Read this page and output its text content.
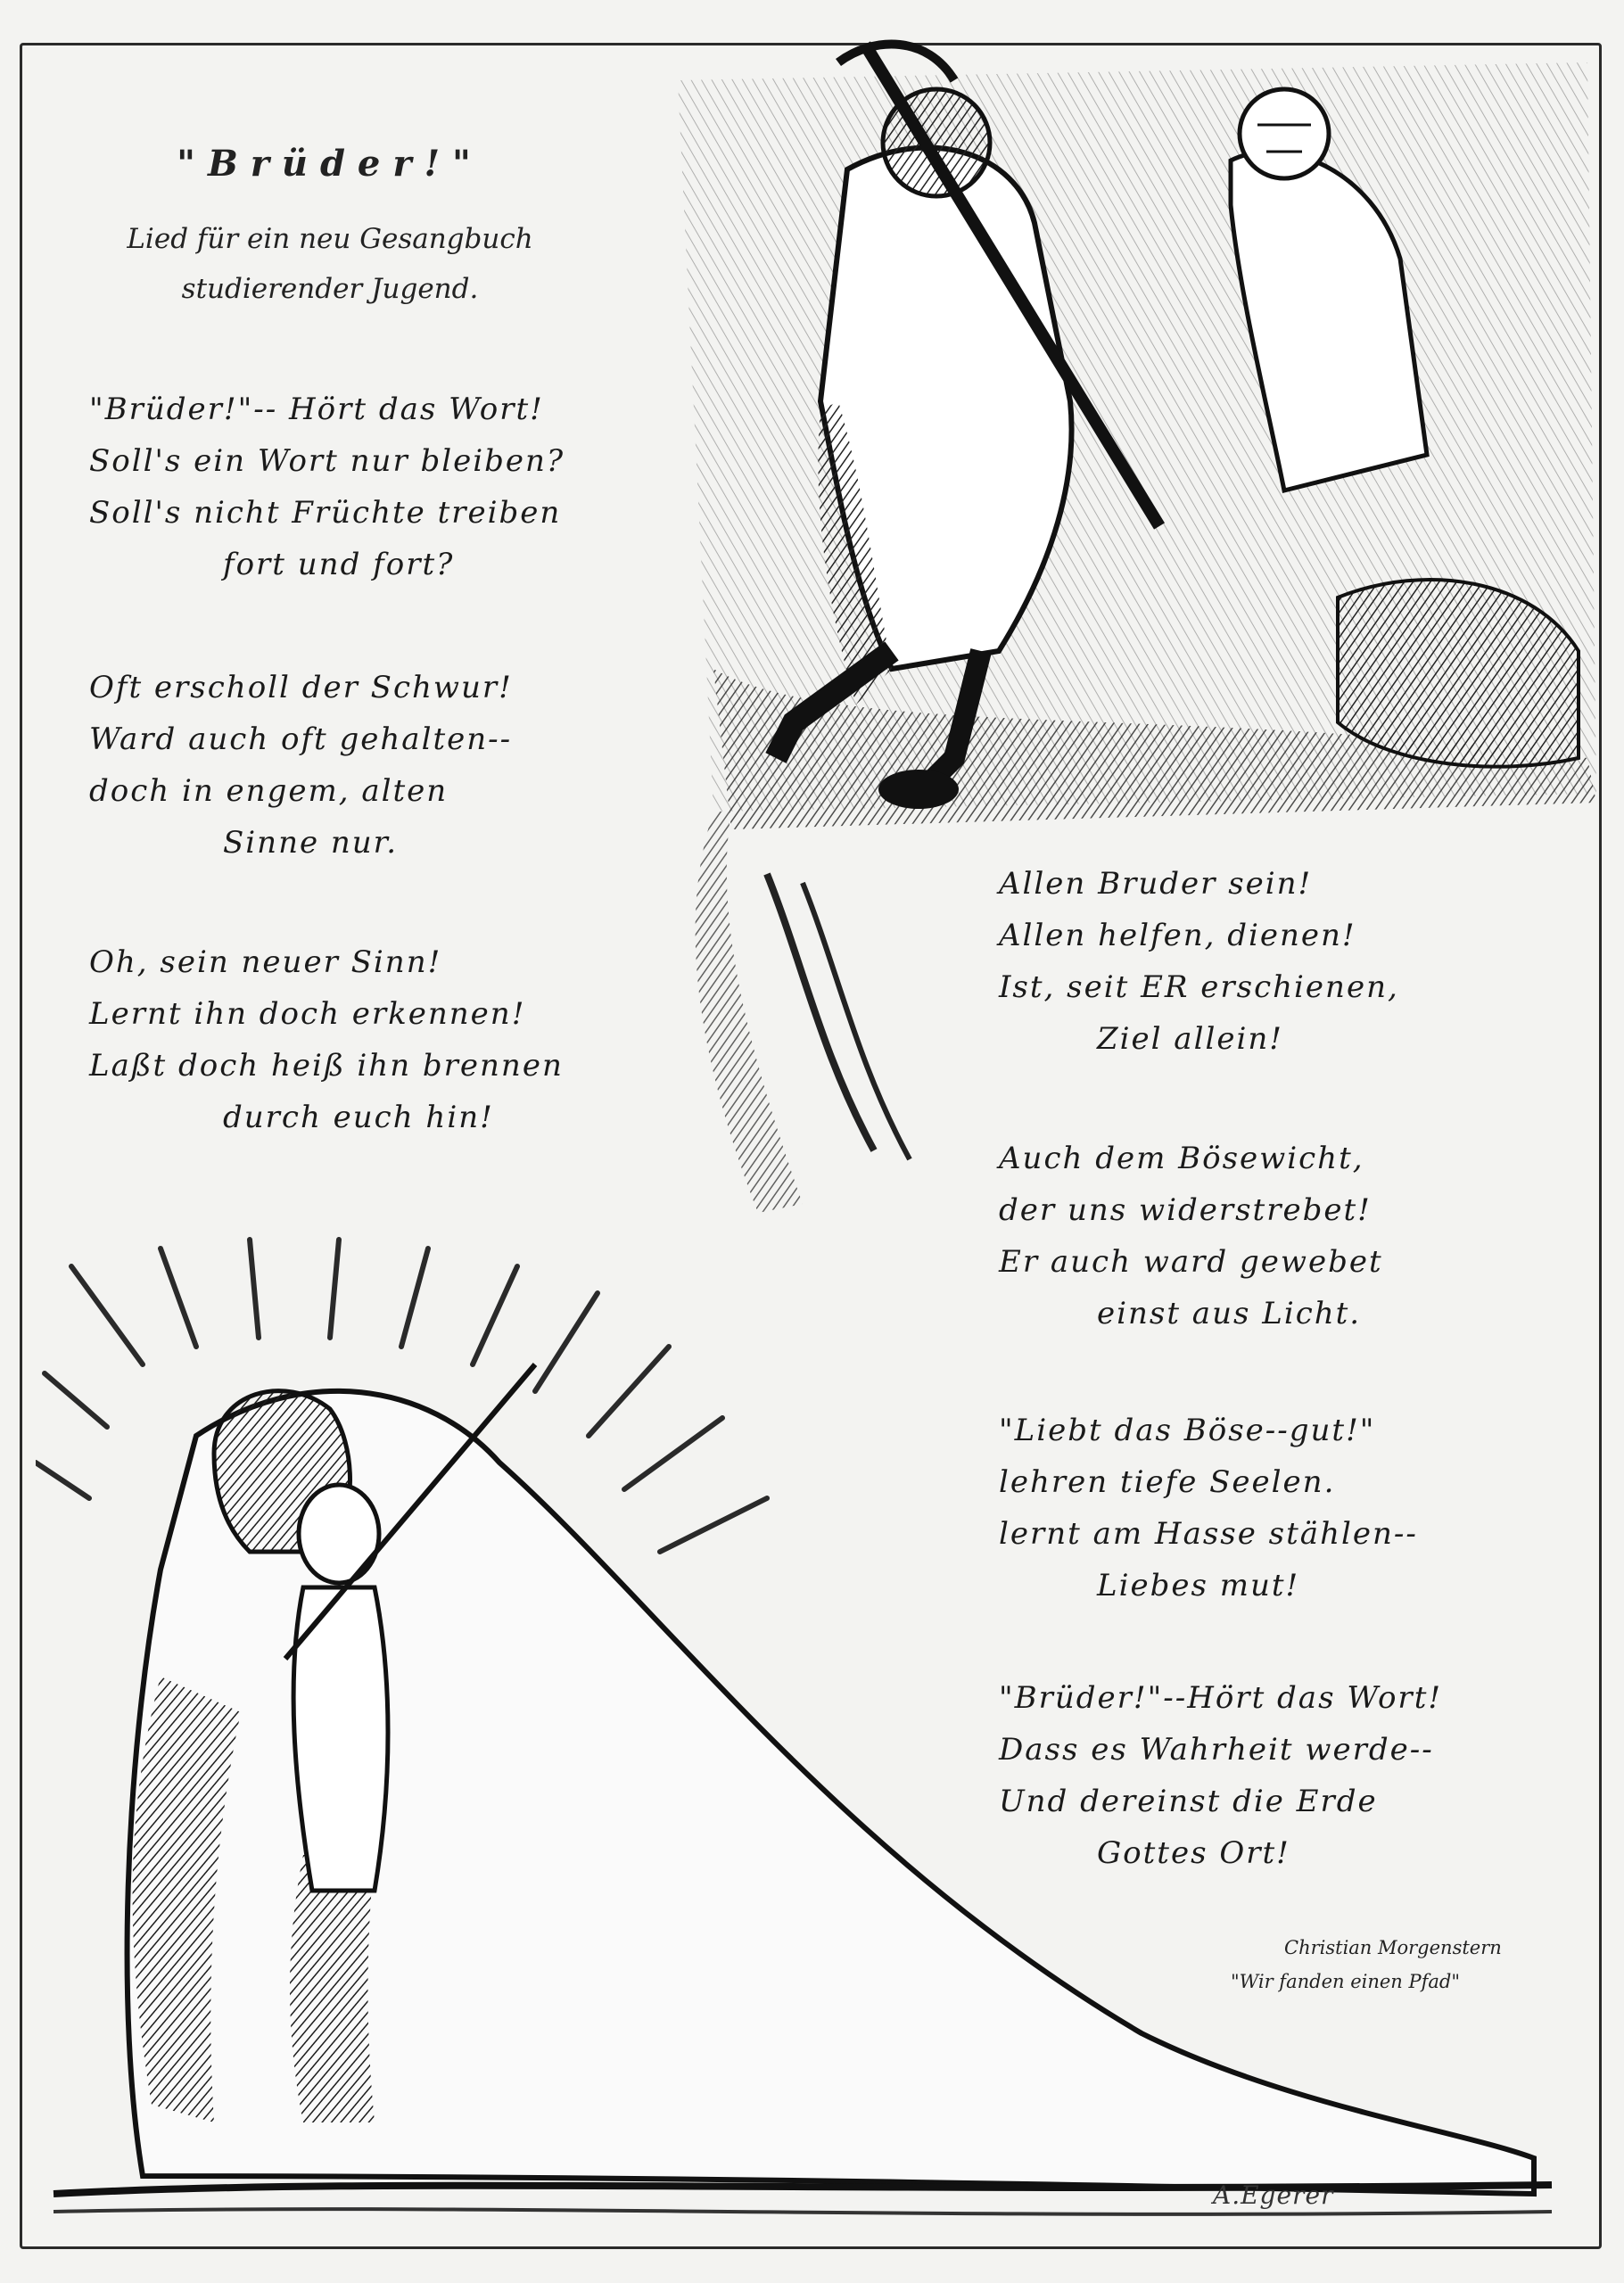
"Brüder!"
Lied für ein neu Gesangbuch
studierender Jugend.
"Brüder!"-- Hört das Wort!
Soll's ein Wort nur bleiben?
Soll's nicht Früchte treiben
fort und fort?
Oft erscholl der Schwur!
Ward auch oft gehalten--
doch in engem, alten
Sinne nur.
Oh, sein neuer Sinn!
Lernt ihn doch erkennen!
Laßt doch heiß ihn brennen
durch euch hin!
Allen Bruder sein!
Allen helfen, dienen!
Ist, seit ER erschienen,
Ziel allein!
Auch dem Bösewicht,
der uns widerstrebet!
Er auch ward gewebet
einst aus Licht.
"Liebt das Böse--gut!"
lehren tiefe Seelen.
lernt am Hasse stählen--
Liebes mut!
"Brüder!"--Hört das Wort!
Dass es Wahrheit werde--
Und dereinst die Erde
Gottes Ort!
Christian Morgenstern
"Wir fanden einen Pfad"
A.Egerer
